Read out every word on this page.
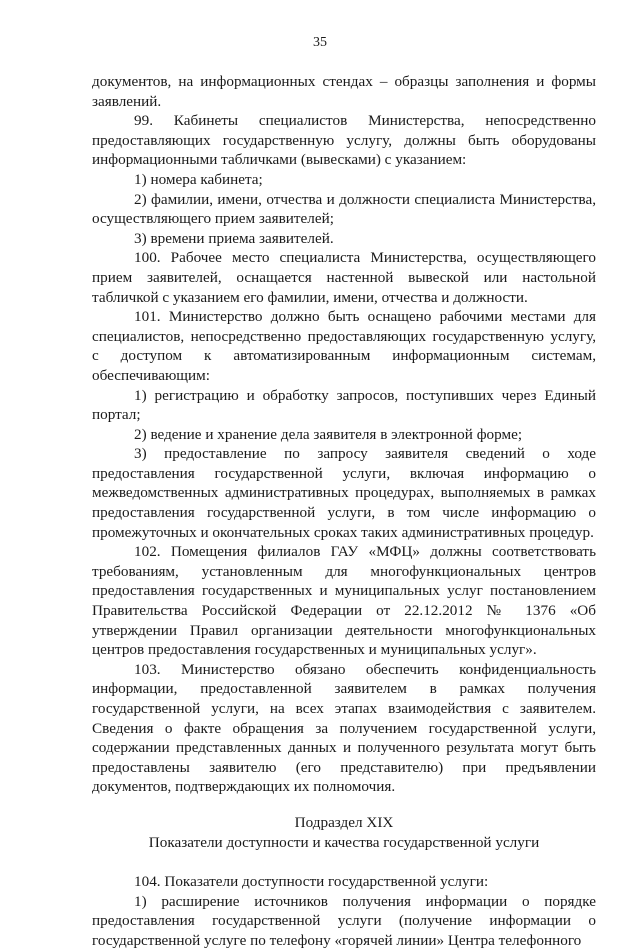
35

документов, на информационных стендах – образцы заполнения и формы заявлений.

99. Кабинеты специалистов Министерства, непосредственно предоставляющих государственную услугу, должны быть оборудованы информационными табличками (вывесками) с указанием:

1) номера кабинета;

2) фамилии, имени, отчества и должности специалиста Министерства, осуществляющего прием заявителей;

3) времени приема заявителей.

100. Рабочее место специалиста Министерства, осуществляющего прием заявителей, оснащается настенной вывеской или настольной табличкой с указанием его фамилии, имени, отчества и должности.

101. Министерство должно быть оснащено рабочими местами для специалистов, непосредственно предоставляющих государственную услугу, с доступом к автоматизированным информационным системам, обеспечивающим:

1) регистрацию и обработку запросов, поступивших через Единый портал;

2) ведение и хранение дела заявителя в электронной форме;

3) предоставление по запросу заявителя сведений о ходе предоставления государственной услуги, включая информацию о межведомственных административных процедурах, выполняемых в рамках предоставления государственной услуги, в том числе информацию о промежуточных и окончательных сроках таких административных процедур.

102. Помещения филиалов ГАУ «МФЦ» должны соответствовать требованиям, установленным для многофункциональных центров предоставления государственных и муниципальных услуг постановлением Правительства Российской Федерации от 22.12.2012 № 1376 «Об утверждении Правил организации деятельности многофункциональных центров предоставления государственных и муниципальных услуг».

103. Министерство обязано обеспечить конфиденциальность информации, предоставленной заявителем в рамках получения государственной услуги, на всех этапах взаимодействия с заявителем. Сведения о факте обращения за получением государственной услуги, содержании представленных данных и полученного результата могут быть предоставлены заявителю (его представителю) при предъявлении документов, подтверждающих их полномочия.

Подраздел XIX

Показатели доступности и качества государственной услуги

104. Показатели доступности государственной услуги:

1) расширение источников получения информации о порядке предоставления государственной услуги (получение информации о государственной услуге по телефону «горячей линии» Центра телефонного
